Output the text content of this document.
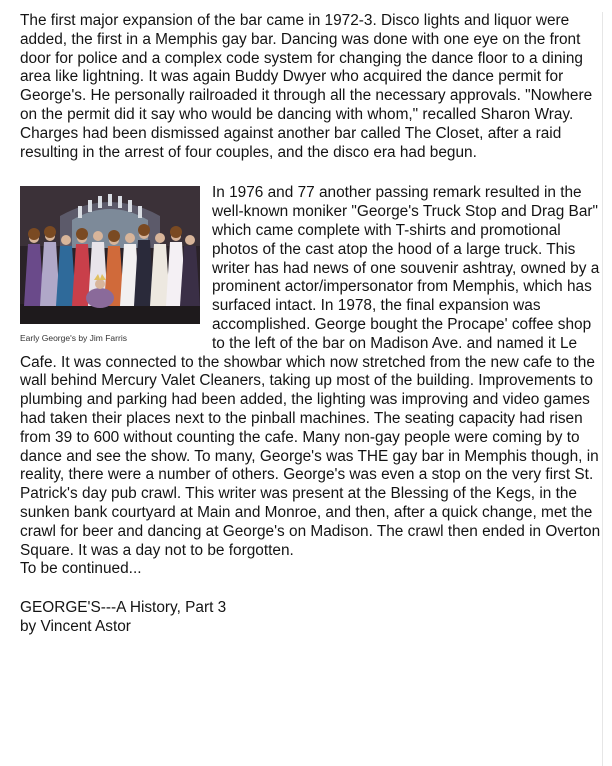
The first major expansion of the bar came in 1972-3. Disco lights and liquor were added, the first in a Memphis gay bar. Dancing was done with one eye on the front door for police and a complex code system for changing the dance floor to a dining area like lightning. It was again Buddy Dwyer who acquired the dance permit for George's. He personally railroaded it through all the necessary approvals. "Nowhere on the permit did it say who would be dancing with whom," recalled Sharon Wray. Charges had been dismissed against another bar called The Closet, after a raid resulting in the arrest of four couples, and the disco era had begun.

Early George's by Jim Farris

In 1976 and 77 another passing remark resulted in the well-known moniker "George's Truck Stop and Drag Bar" which came complete with T-shirts and promotional photos of the cast atop the hood of a large truck. This writer has had news of one souvenir ashtray, owned by a prominent actor/impersonator from Memphis, which has surfaced intact. In 1978, the final expansion was accomplished. George bought the Procape' coffee shop to the left of the bar on Madison Ave. and named it Le Cafe. It was connected to the showbar which now stretched from the new cafe to the wall behind Mercury Valet Cleaners, taking up most of the building. Improvements to plumbing and parking had been added, the lighting was improving and video games had taken their places next to the pinball machines. The seating capacity had risen from 39 to 600 without counting the cafe. Many non-gay people were coming by to dance and see the show. To many, George's was THE gay bar in Memphis though, in reality, there were a number of others. George's was even a stop on the very first St. Patrick's day pub crawl. This writer was present at the Blessing of the Kegs, in the sunken bank courtyard at Main and Monroe, and then, after a quick change, met the crawl for beer and dancing at George's on Madison. The crawl then ended in Overton Square. It was a day not to be forgotten.

To be continued...

GEORGE'S---A History, Part 3

by Vincent Astor
